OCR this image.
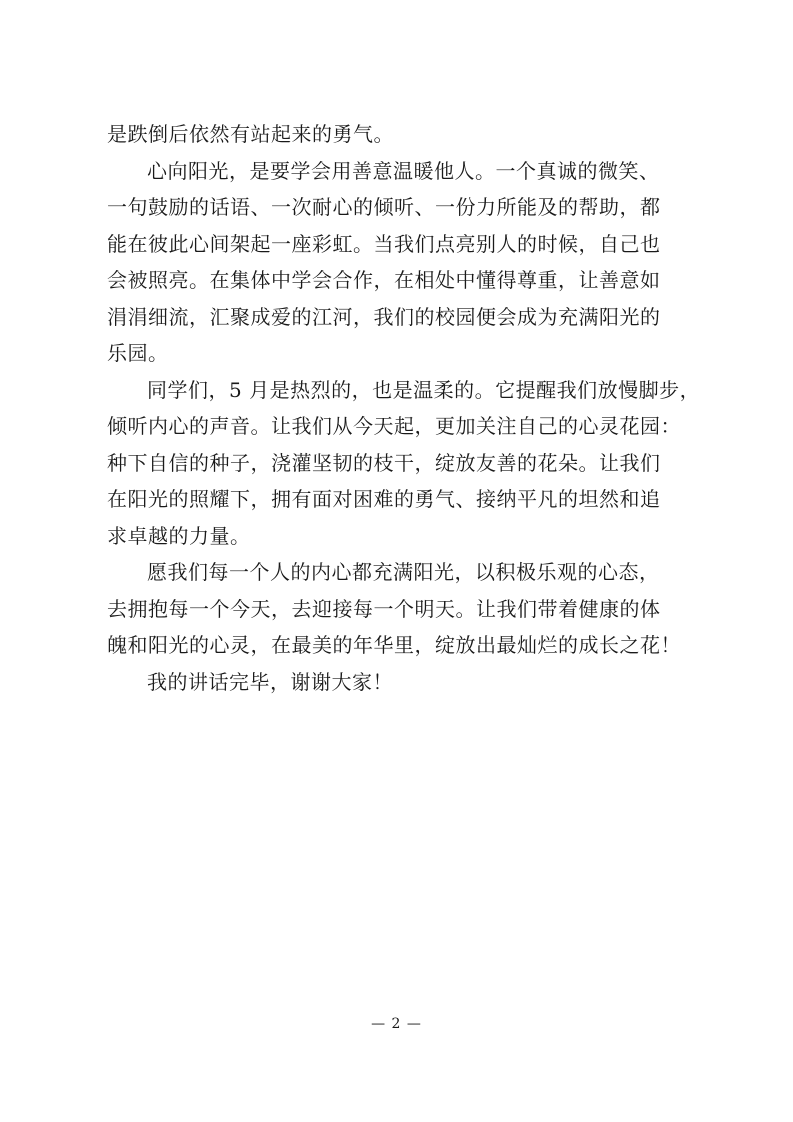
是跌倒后依然有站起来的勇气。
心向阳光，是要学会用善意温暖他人。一个真诚的微笑、
一句鼓励的话语、一次耐心的倾听、一份力所能及的帮助，都
能在彼此心间架起一座彩虹。当我们点亮别人的时候，自己也
会被照亮。在集体中学会合作，在相处中懂得尊重，让善意如
涓涓细流，汇聚成爱的江河，我们的校园便会成为充满阳光的
乐园。
同学们，5 月是热烈的，也是温柔的。它提醒我们放慢脚步，
倾听内心的声音。让我们从今天起，更加关注自己的心灵花园：
种下自信的种子，浇灌坚韧的枝干，绽放友善的花朵。让我们
在阳光的照耀下，拥有面对困难的勇气、接纳平凡的坦然和追
求卓越的力量。
愿我们每一个人的内心都充满阳光，以积极乐观的心态，
去拥抱每一个今天，去迎接每一个明天。让我们带着健康的体
魄和阳光的心灵，在最美的年华里，绽放出最灿烂的成长之花！
我的讲话完毕，谢谢大家！
— 2 —
